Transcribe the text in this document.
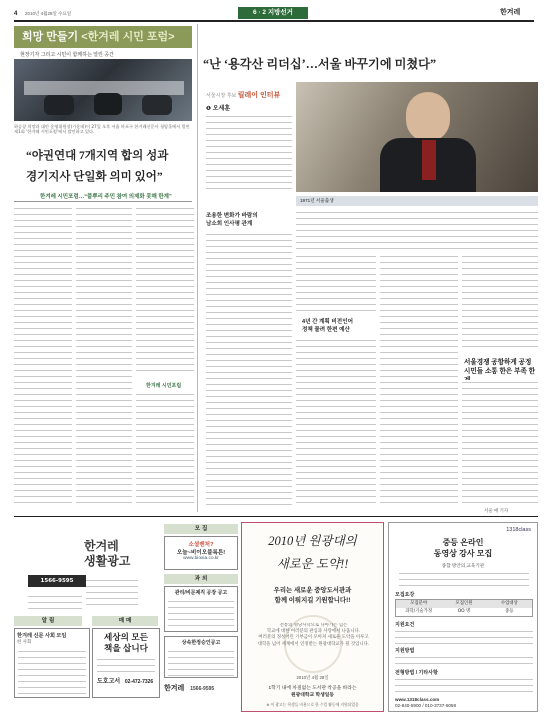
4 2010년 4월28일 수요일	6 · 2 지방선거	한겨레
희망 만들기 <한겨레 시민 포럼>
현장기자 그리고 시민이 함께하는 열린 공간
하승창 희망과 대안 운영위원장(가운데)이 27일 오후 서울 마포구 한겨레신문사 청암홀에서 열린 제1회 '한겨레 시민포럼'에서 발언하고 있다.
“야권연대 7개지역 합의 성과
경기지사 단일화 의미 있어”
한겨레 시민포럼…“풀뿌리 주민 참여 의제화 못해 한계”
한겨레 시민포럼
“난 ‘용각산 리더십’…서울 바꾸기에 미쳤다”
서울시장 후보 릴레이 인터뷰
❶ 오세훈
1971년 서울출생
조용한 변화가 바람의
남소희 인사평 관계
4년 간 계획 비전인어
정책 물려 한편 예산
서울경쟁 공항하게 공정
시민들 소통 한은 부족 한
서울 매 기자
한겨레
생활광고
1566-9595
알 림	매 매
한겨레 신문 사회 모임
한 사회	세상의 모든
책을 삽니다
도호고서 02-472-7326
모 집
소셜벤처?
오늘~비이오블록튼!
www.bioxia.co.kr
과 외
관리/비문제직 공장 공고
상속한정승인공고
한겨레 1566-9595
2010년 원광대의
새로운 도약!!
우리는 새로운 중앙도서관과
함께 이뤄지길 기원합니다!!
전통의 명당사학으로 나아가는 힘은
학교에 대한 여러분의 관심과 사랑에서 나옵니다.
여러분의 정성어린 기부금이 모아져 새로운 도약을 이루고
대학을 넘어 세계에서 인정받는 원광대학교가 될 것입니다.
2010년 4월 28일
1학기 내에 차질없는 도서관 착공을 바라는
원광대학교 학생일동
※ 이 광고는 학생들 비용으로 한 수업 활동에 지원되었음
1318class
중등 온라인
동영상 강사 모집
종합 방안의 교육기관
모집요강
모집분야	모집인원	수업대상
과학/기술가정	OO 명	중등
지원요건
지원방법
전형방법 / 기타사항
www.1318class.com
02-840-5900 / 010-3737-5058
